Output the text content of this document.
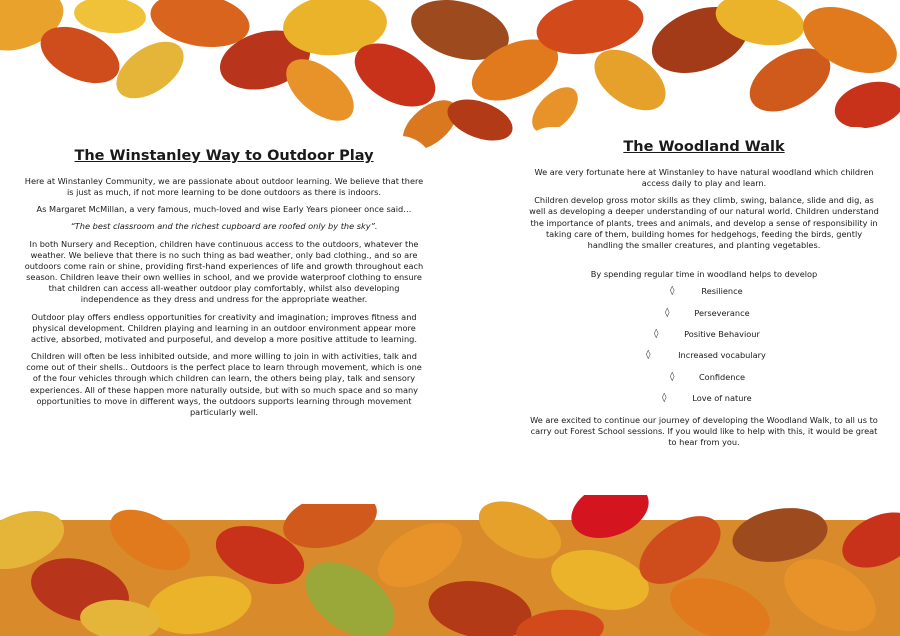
The Winstanley Way to Outdoor Play

Here at Winstanley Community, we are passionate about outdoor learning. We believe that there is just as much, if not more learning to be done outdoors as there is indoors.

As Margaret McMillan, a very famous, much-loved and wise Early Years pioneer once said…

“The best classroom and the richest cupboard are roofed only by the sky”.

In both Nursery and Reception, children have continuous access to the outdoors, whatever the weather. We believe that there is no such thing as bad weather, only bad clothing., and so are outdoors come rain or shine, providing first-hand experiences of life and growth throughout each season. Children leave their own wellies in school, and we provide waterproof clothing to ensure that children can access all-weather outdoor play comfortably, whilst also developing independence as they dress and undress for the appropriate weather.

Outdoor play offers endless opportunities for creativity and imagination; improves fitness and physical development. Children playing and learning in an outdoor environment appear more active, absorbed, motivated and purposeful, and develop a more positive attitude to learning.

Children will often be less inhibited outside, and more willing to join in with activities, talk and come out of their shells.. Outdoors is the perfect place to learn through movement, which is one of the four vehicles through which children can learn, the others being play, talk and sensory experiences. All of these happen more naturally outside, but with so much space and so many opportunities to move in different ways, the outdoors supports learning through movement particularly well.

The Woodland Walk

We are very fortunate here at Winstanley to have natural woodland which children access daily to play and learn.

Children develop gross motor skills as they climb, swing, balance, slide and dig, as well as developing a deeper understanding of our natural world. Children understand the importance of plants, trees and animals, and develop a sense of responsibility in taking care of them, building homes for hedgehogs, feeding the birds, gently handling the smaller creatures, and planting vegetables.

By spending regular time in woodland helps to develop

◊	Resilience
◊	Perseverance
◊	Positive Behaviour
◊	Increased vocabulary
◊	Confidence
◊	Love of nature

We are excited to continue our journey of developing the Woodland Walk, to all us to carry out Forest School sessions. If you would like to help with this, it would be great to hear from you.
